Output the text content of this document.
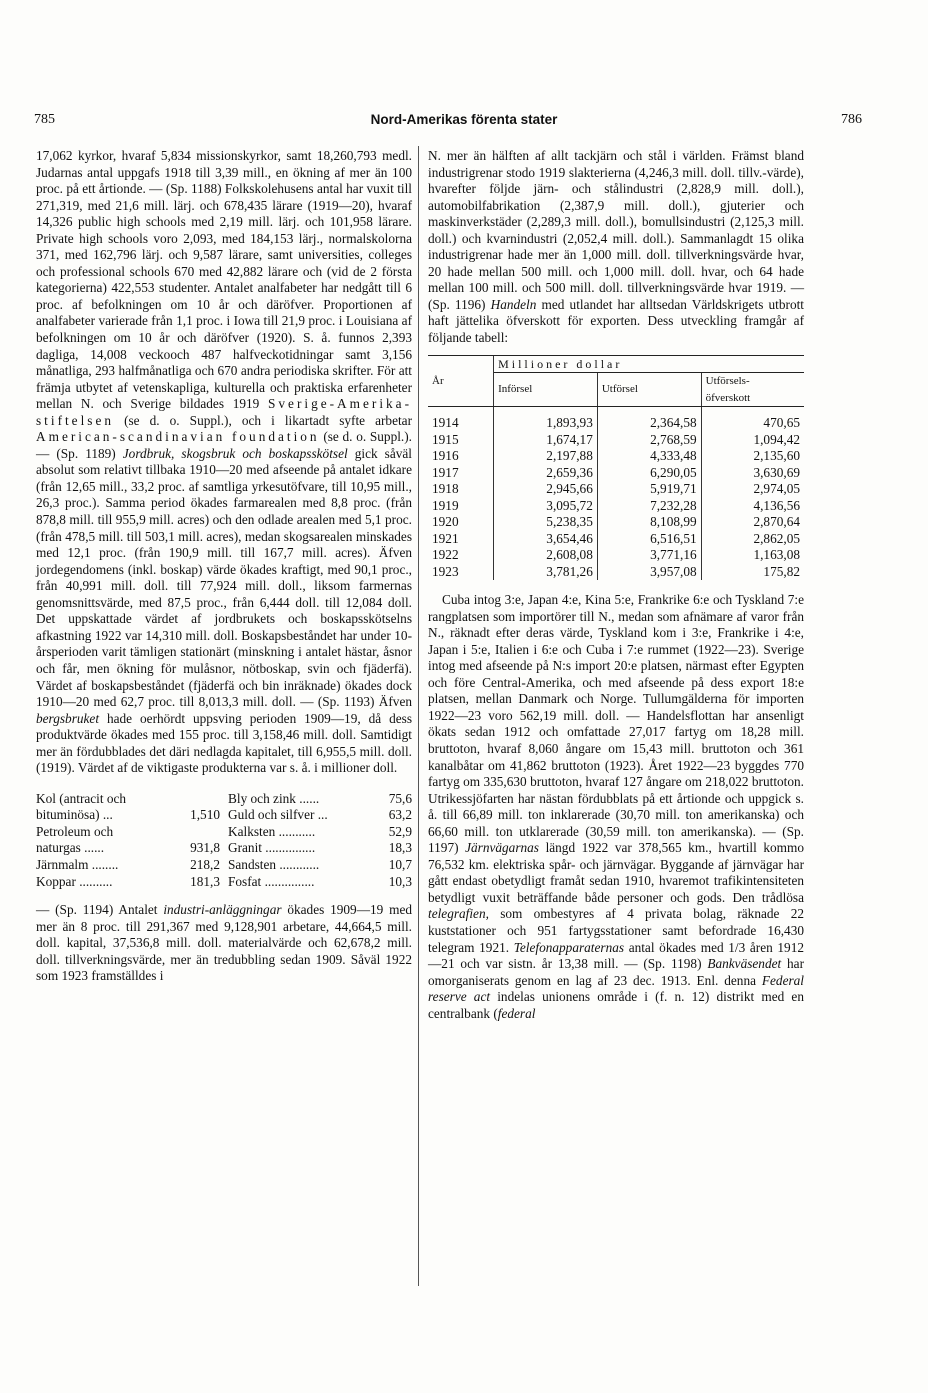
785	Nord-Amerikas förenta stater	786

17,062 kyrkor, hvaraf 5,834 missionskyrkor, samt 18,260,793 medl. Judarnas antal uppgafs 1918 till 3,39 mill., en ökning af mer än 100 proc. på ett årtionde. — (Sp. 1188) Folkskolehusens antal har vuxit till 271,319, med 21,6 mill. lärj. och 678,435 lärare (1919—20), hvaraf 14,326 public high schools med 2,19 mill. lärj. och 101,958 lärare. Private high schools voro 2,093, med 184,153 lärj., normalskolorna 371, med 162,796 lärj. och 9,587 lärare, samt universities, colleges och professional schools 670 med 42,882 lärare och (vid de 2 första kategorierna) 422,553 studenter. Antalet analfabeter har nedgått till 6 proc. af befolkningen om 10 år och däröfver. Proportionen af analfabeter varierade från 1,1 proc. i Iowa till 21,9 proc. i Louisiana af befolkningen om 10 år och däröfver (1920). S. å. funnos 2,393 dagliga, 14,008 veckooch 487 halfveckotidningar samt 3,156 månatliga, 293 halfmånatliga och 670 andra periodiska skrifter. För att främja utbytet af vetenskapliga, kulturella och praktiska erfarenheter mellan N. och Sverige bildades 1919 Sverige-Amerika-stiftelsen (se d. o. Suppl.), och i likartadt syfte arbetar American-scandinavian foundation (se d. o. Suppl.). — (Sp. 1189) Jordbruk, skogsbruk och boskapsskötsel gick såväl absolut som relativt tillbaka 1910—20 med afseende på antalet idkare (från 12,65 mill., 33,2 proc. af samtliga yrkesutöfvare, till 10,95 mill., 26,3 proc.). Samma period ökades farmarealen med 8,8 proc. (från 878,8 mill. till 955,9 mill. acres) och den odlade arealen med 5,1 proc. (från 478,5 mill. till 503,1 mill. acres), medan skogsarealen minskades med 12,1 proc. (från 190,9 mill. till 167,7 mill. acres). Äfven jordegendomens (inkl. boskap) värde ökades kraftigt, med 90,1 proc., från 40,991 mill. doll. till 77,924 mill. doll., liksom farmernas genomsnittsvärde, med 87,5 proc., från 6,444 doll. till 12,084 doll. Det uppskattade värdet af jordbrukets och boskapsskötselns afkastning 1922 var 14,310 mill. doll. Boskapsbeståndet har under 10-årsperioden varit tämligen stationärt (minskning i antalet hästar, åsnor och får, men ökning för mulåsnor, nötboskap, svin och fjäderfä). Värdet af boskapsbeståndet (fjäderfä och bin inräknade) ökades dock 1910—20 med 62,7 proc. till 8,013,3 mill. doll. — (Sp. 1193) Äfven bergsbruket hade oerhördt uppsving perioden 1909—19, då dess produktvärde ökades med 155 proc. till 3,158,46 mill. doll. Samtidigt mer än fördubblades det däri nedlagda kapitalet, till 6,955,5 mill. doll. (1919). Värdet af de viktigaste produkterna var s. å. i millioner doll.

Kol (antracit och
bituminösa) ...	1,510
Petroleum och
naturgas ......	931,8
Järnmalm ........	218,2
Koppar ..........	181,3
Bly och zink ......	75,6
Guld och silfver ...	63,2
Kalksten ...........	52,9
Granit ...............	18,3
Sandsten ............	10,7
Fosfat ...............	10,3

— (Sp. 1194) Antalet industri-anläggningar ökades 1909—19 med mer än 8 proc. till 291,367 med 9,128,901 arbetare, 44,664,5 mill. doll. kapital, 37,536,8 mill. doll. materialvärde och 62,678,2 mill. doll. tillverkningsvärde, mer än tredubbling sedan 1909. Såväl 1922 som 1923 framställdes i

N. mer än hälften af allt tackjärn och stål i världen. Främst bland industrigrenar stodo 1919 slakterierna (4,246,3 mill. doll. tillv.-värde), hvarefter följde järn- och stålindustri (2,828,9 mill. doll.), automobilfabrikation (2,387,9 mill. doll.), gjuterier och maskinverkstäder (2,289,3 mill. doll.), bomullsindustri (2,125,3 mill. doll.) och kvarnindustri (2,052,4 mill. doll.). Sammanlagdt 15 olika industrigrenar hade mer än 1,000 mill. doll. tillverkningsvärde hvar, 20 hade mellan 500 mill. och 1,000 mill. doll. hvar, och 64 hade mellan 100 mill. och 500 mill. doll. tillverkningsvärde hvar 1919. — (Sp. 1196) Handeln med utlandet har alltsedan Världskrigets utbrott haft jättelika öfverskott för exporten. Dess utveckling framgår af följande tabell:

År	Millioner dollar		
	Införsel	Utförsel	Utförsels-
öfverskott
1914	1,893,93	2,364,58	470,65
1915	1,674,17	2,768,59	1,094,42
1916	2,197,88	4,333,48	2,135,60
1917	2,659,36	6,290,05	3,630,69
1918	2,945,66	5,919,71	2,974,05
1919	3,095,72	7,232,28	4,136,56
1920	5,238,35	8,108,99	2,870,64
1921	3,654,46	6,516,51	2,862,05
1922	2,608,08	3,771,16	1,163,08
1923	3,781,26	3,957,08	175,82

Cuba intog 3:e, Japan 4:e, Kina 5:e, Frankrike 6:e och Tyskland 7:e rangplatsen som importörer till N., medan som afnämare af varor från N., räknadt efter deras värde, Tyskland kom i 3:e, Frankrike i 4:e, Japan i 5:e, Italien i 6:e och Cuba i 7:e rummet (1922—23). Sverige intog med afseende på N:s import 20:e platsen, närmast efter Egypten och före Central-Amerika, och med afseende på dess export 18:e platsen, mellan Danmark och Norge. Tullumgälderna för importen 1922—23 voro 562,19 mill. doll. — Handelsflottan har ansenligt ökats sedan 1912 och omfattade 27,017 fartyg om 18,28 mill. bruttoton, hvaraf 8,060 ångare om 15,43 mill. bruttoton och 361 kanalbåtar om 41,862 bruttoton (1923). Året 1922—23 byggdes 770 fartyg om 335,630 bruttoton, hvaraf 127 ångare om 218,022 bruttoton. Utrikessjöfarten har nästan fördubblats på ett årtionde och uppgick s. å. till 66,89 mill. ton inklarerade (30,70 mill. ton amerikanska) och 66,60 mill. ton utklarerade (30,59 mill. ton amerikanska). — (Sp. 1197) Järnvägarnas längd 1922 var 378,565 km., hvartill kommo 76,532 km. elektriska spår- och järnvägar. Byggande af järnvägar har gått endast obetydligt framåt sedan 1910, hvaremot trafikintensiteten betydligt vuxit beträffande både personer och gods. Den trådlösa telegrafien, som ombestyres af 4 privata bolag, räknade 22 kuststationer och 951 fartygsstationer samt befordrade 16,430 telegram 1921. Telefonapparaternas antal ökades med 1/3 åren 1912—21 och var sistn. år 13,38 mill. — (Sp. 1198) Bankväsendet har omorganiserats genom en lag af 23 dec. 1913. Enl. denna Federal reserve act indelas unionens område i (f. n. 12) distrikt med en centralbank (federal
